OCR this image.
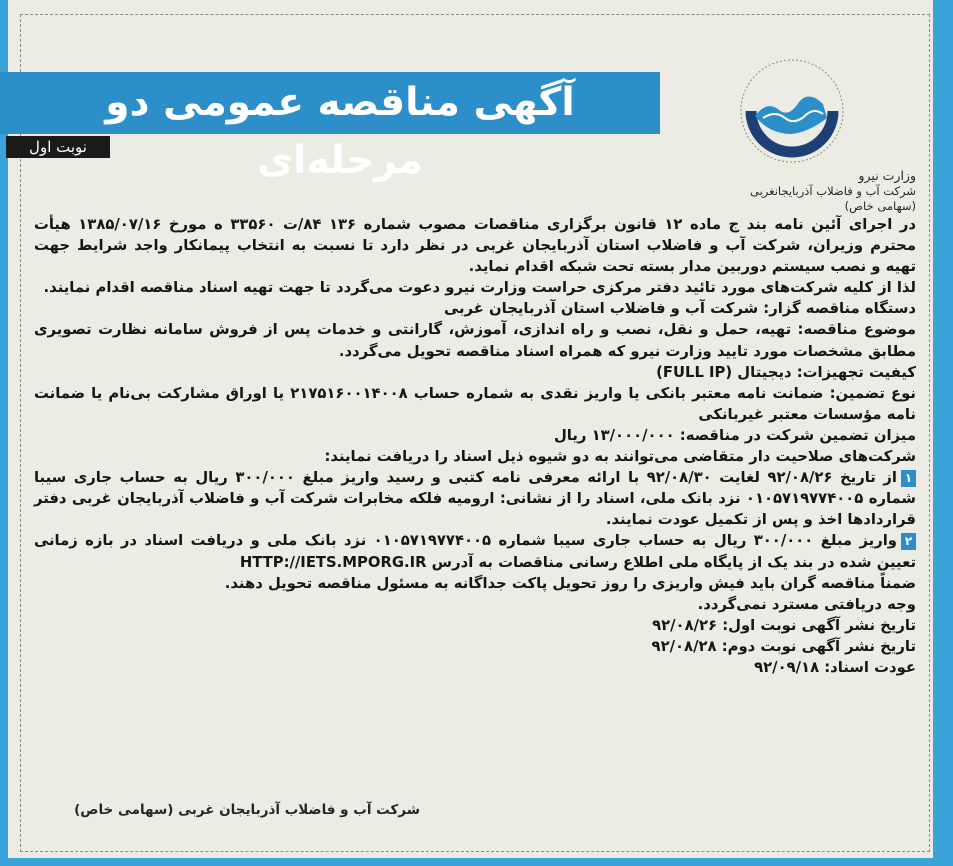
آگهی مناقصه عمومی دو مرحله‌ای
نوبت اول
وزارت نیرو
شرکت آب و فاضلاب آذربایجانغربی
(سهامی خاص)

در اجرای آئین نامه بند ج ماده ۱۲ قانون برگزاری مناقصات مصوب شماره ۱۳۶ ۸۴/ت ۳۳۵۶۰ ه مورخ ۱۳۸۵/۰۷/۱۶ هیأت محترم وزیران، شرکت آب و فاضلاب استان آذربایجان غربی در نظر دارد تا نسبت به انتخاب پیمانکار واجد شرایط جهت تهیه و نصب سیستم دوربین مدار بسته تحت شبکه اقدام نماید.

لذا از کلیه شرکت‌های مورد تائید دفتر مرکزی حراست وزارت نیرو دعوت می‌گردد تا جهت تهیه اسناد مناقصه اقدام نمایند.

دستگاه مناقصه گزار: شرکت آب و فاضلاب استان آذربایجان غربی

موضوع مناقصه: تهیه، حمل و نقل، نصب و راه اندازی، آموزش، گارانتی و خدمات پس از فروش سامانه نظارت تصویری مطابق مشخصات مورد تایید وزارت نیرو که همراه اسناد مناقصه تحویل می‌گردد.

کیفیت تجهیزات: دیجیتال (FULL IP)

نوع تضمین: ضمانت نامه معتبر بانکی یا واریز نقدی به شماره حساب ۲۱۷۵۱۶۰۰۱۴۰۰۸ یا اوراق مشارکت بی‌نام یا ضمانت نامه مؤسسات معتبر غیربانکی

میزان تضمین شرکت در مناقصه: ۱۳/۰۰۰/۰۰۰ ریال

شرکت‌های صلاحیت دار متقاضی می‌توانند به دو شیوه ذیل اسناد را دریافت نمایند:

۱از تاریخ ۹۲/۰۸/۲۶ لغایت ۹۲/۰۸/۳۰ با ارائه معرفی نامه کتبی و رسید واریز مبلغ ۳۰۰/۰۰۰ ریال به حساب جاری سیبا شماره ۰۱۰۵۷۱۹۷۷۴۰۰۵ نزد بانک ملی، اسناد را از نشانی: ارومیه فلکه مخابرات شرکت آب و فاضلاب آذربایجان غربی دفتر قراردادها اخذ و پس از تکمیل عودت نمایند.

۲واریز مبلغ ۳۰۰/۰۰۰ ریال به حساب جاری سیبا شماره ۰۱۰۵۷۱۹۷۷۴۰۰۵ نزد بانک ملی و دریافت اسناد در بازه زمانی تعیین شده در بند یک از پایگاه ملی اطلاع رسانی مناقصات به آدرس HTTP://IETS.MPORG.IR

ضمناً مناقصه گران باید فیش واریزی را روز تحویل پاکت جداگانه به مسئول مناقصه تحویل دهند.

وجه دریافتی مسترد نمی‌گردد.

تاریخ نشر آگهی نوبت اول: ۹۲/۰۸/۲۶

تاریخ نشر آگهی نوبت دوم: ۹۲/۰۸/۲۸

عودت اسناد: ۹۲/۰۹/۱۸

شرکت آب و فاضلاب آذربایجان غربی (سهامی خاص)
